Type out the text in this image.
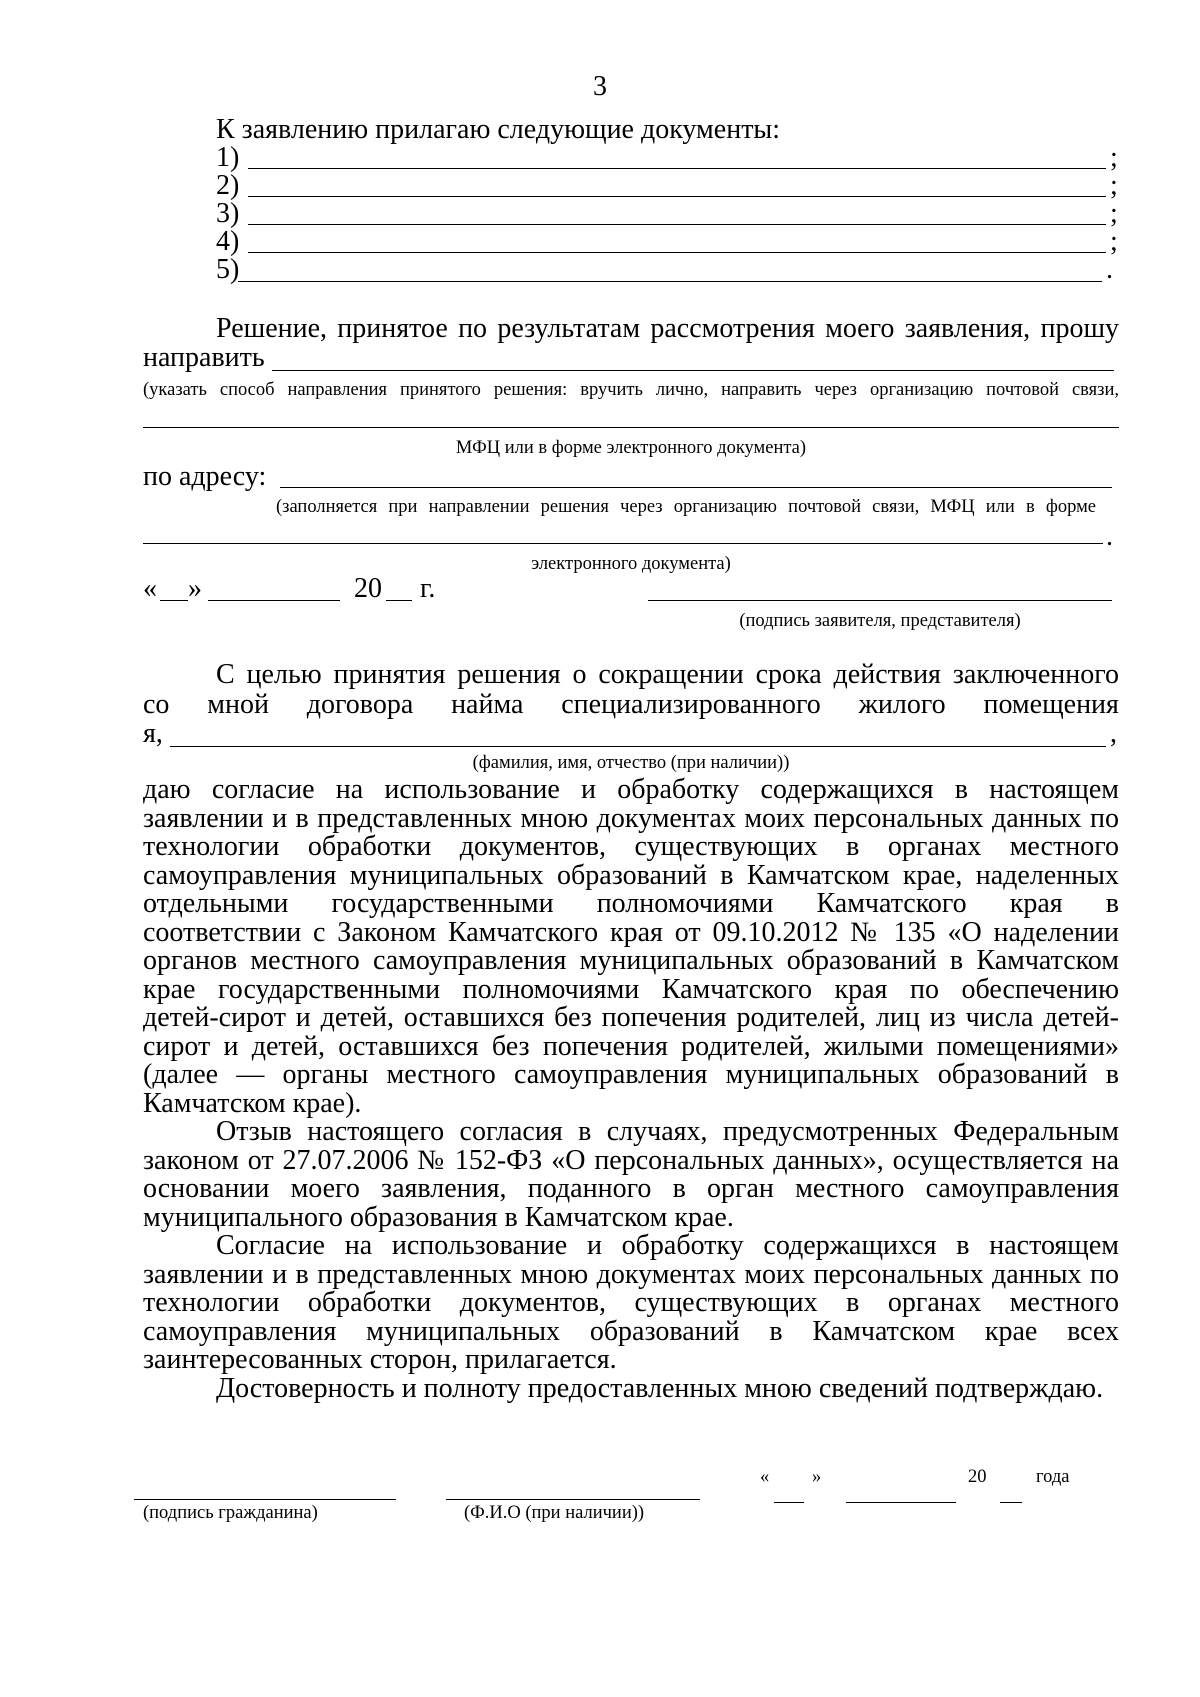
3
К заявлению прилагаю следующие документы:
1)	;
2)	;
3)	;
4)	;
5)	.
Решение, принятое по результатам рассмотрения моего заявления, прошу
направить
(указать способ направления принятого решения: вручить лично, направить через организацию почтовой связи,
МФЦ или в форме электронного документа)
по адресу:
(заполняется при направлении решения через организацию почтовой связи, МФЦ или в форме
.
электронного документа)
« »	20 г.
(подпись заявителя, представителя)
С целью принятия решения о сокращении срока действия заключенного
со мной договора найма специализированного жилого помещения
я,	,
(фамилия, имя, отчество (при наличии))
даю согласие на использование и обработку содержащихся в настоящем
заявлении и в представленных мною документах моих персональных данных по
технологии обработки документов, существующих в органах местного
самоуправления муниципальных образований в Камчатском крае, наделенных
отдельными государственными полномочиями Камчатского края в
соответствии с Законом Камчатского края от 09.10.2012 № 135 «О наделении
органов местного самоуправления муниципальных образований в Камчатском
крае государственными полномочиями Камчатского края по обеспечению
детей-сирот и детей, оставшихся без попечения родителей, лиц из числа детей-
сирот и детей, оставшихся без попечения родителей, жилыми помещениями»
(далее — органы местного самоуправления муниципальных образований в
Камчатском крае).
Отзыв настоящего согласия в случаях, предусмотренных Федеральным
законом от 27.07.2006 № 152-ФЗ «О персональных данных», осуществляется на
основании моего заявления, поданного в орган местного самоуправления
муниципального образования в Камчатском крае.
Согласие на использование и обработку содержащихся в настоящем
заявлении и в представленных мною документах моих персональных данных по
технологии обработки документов, существующих в органах местного
самоуправления муниципальных образований в Камчатском крае всех
заинтересованных сторон, прилагается.
Достоверность и полноту предоставленных мною сведений подтверждаю.
« »	20	года
(подпись гражданина)	(Ф.И.О (при наличии))
